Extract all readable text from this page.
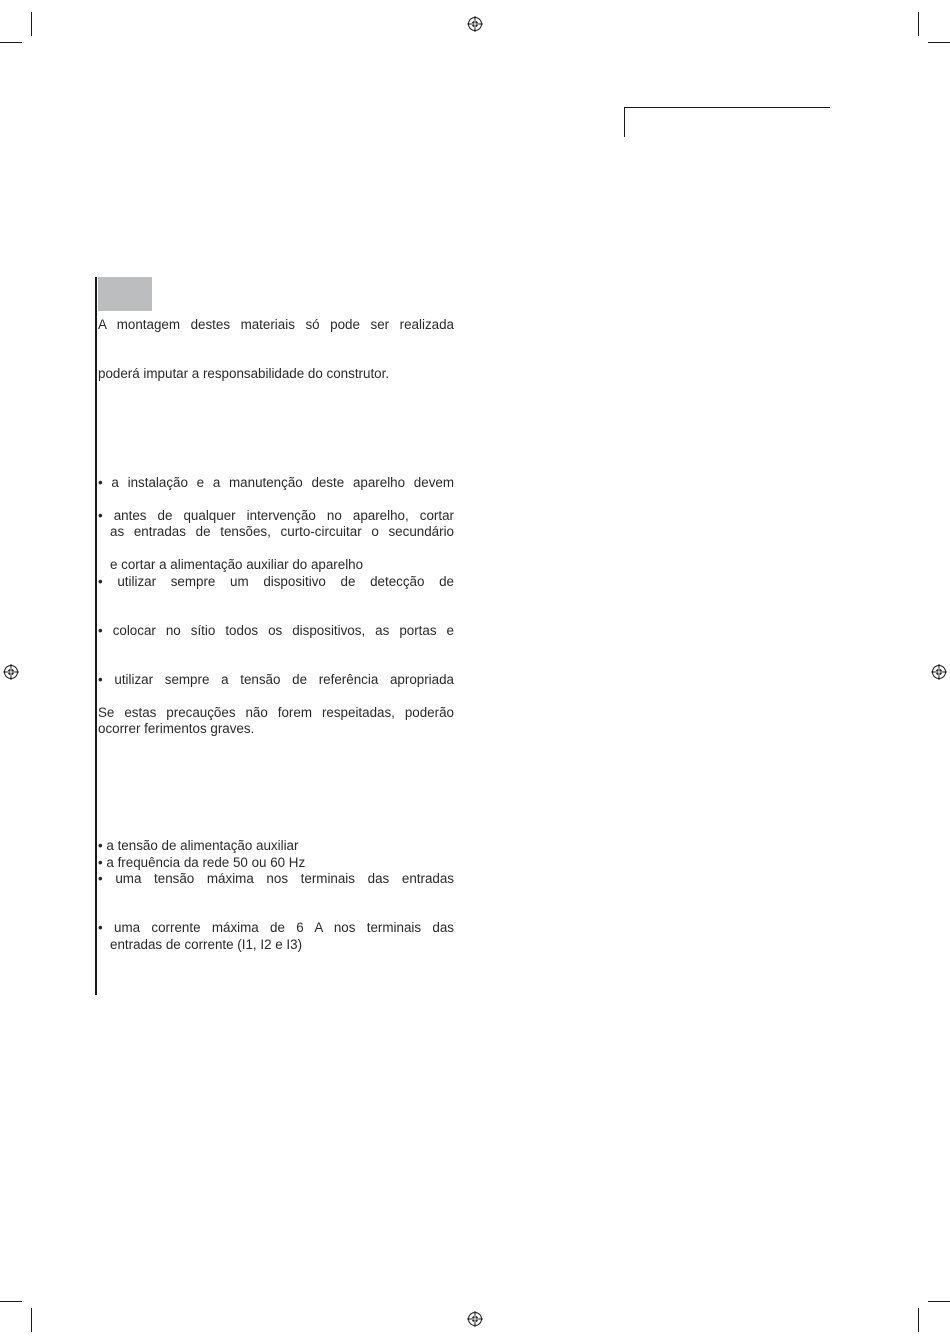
A montagem destes materiais só pode ser realizada
poderá imputar a responsabilidade do construtor.
• a instalação e a manutenção deste aparelho devem
• antes de qualquer intervenção no aparelho, cortar
as entradas de tensões, curto-circuitar o secundário
e cortar a alimentação auxiliar do aparelho
• utilizar sempre um dispositivo de detecção de
• colocar no sítio todos os dispositivos, as portas e
• utilizar sempre a tensão de referência apropriada
Se estas precauções não forem respeitadas, poderão
ocorrer ferimentos graves.
• a tensão de alimentação auxiliar
• a frequência da rede 50 ou 60 Hz
• uma tensão máxima nos terminais das entradas
• uma corrente máxima de 6 A nos terminais das
entradas de corrente (I1, I2 e I3)
